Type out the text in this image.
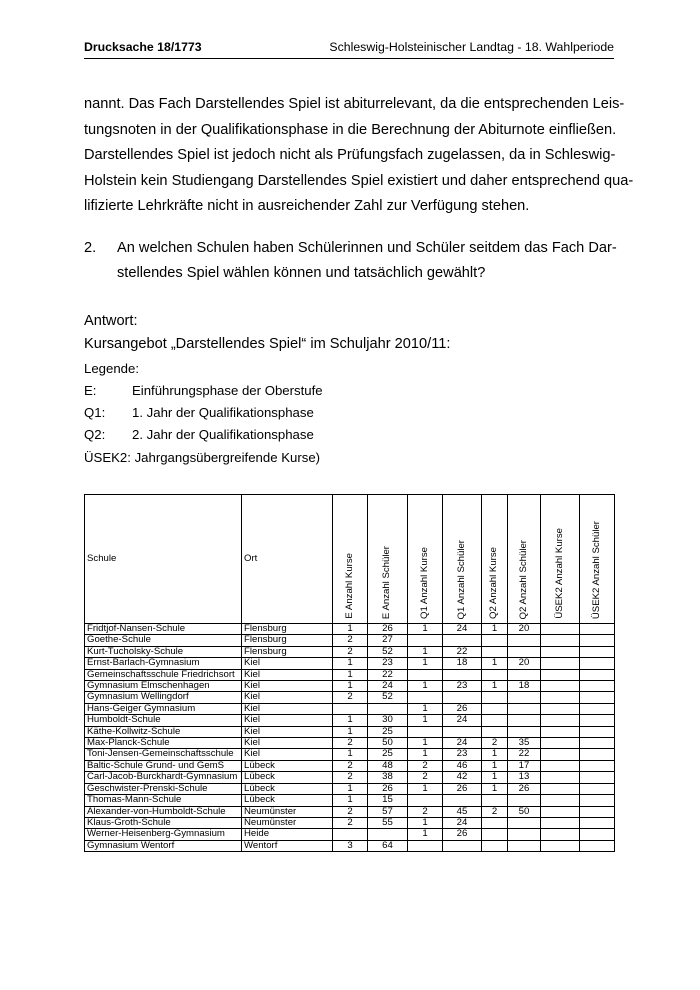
Drucksache 18/1773	Schleswig-Holsteinischer Landtag - 18. Wahlperiode
nannt. Das Fach Darstellendes Spiel ist abiturrelevant, da die entsprechenden Leis-
tungsnoten in der Qualifikationsphase in die Berechnung der Abiturnote einfließen.
Darstellendes Spiel ist jedoch nicht als Prüfungsfach zugelassen, da in Schleswig-
Holstein kein Studiengang Darstellendes Spiel existiert und daher entsprechend qua-
lifizierte Lehrkräfte nicht in ausreichender Zahl zur Verfügung stehen.
2. An welchen Schulen haben Schülerinnen und Schüler seitdem das Fach Dar-
stellendes Spiel wählen können und tatsächlich gewählt?
Antwort:
Kursangebot „Darstellendes Spiel“ im Schuljahr 2010/11:
Legende:
E:	Einführungsphase der Oberstufe
Q1: 1. Jahr der Qualifikationsphase
Q2: 2. Jahr der Qualifikationsphase
ÜSEK2: Jahrgangsübergreifende Kurse)
Schule	Ort	E Anzahl Kurse	E Anzahl Schüler	Q1 Anzahl Kurse	Q1 Anzahl Schüler	Q2 Anzahl Kurse	Q2 Anzahl Schüler	ÜSEK2 Anzahl Kurse	ÜSEK2 Anzahl Schüler

Fridtjof-Nansen-Schule	Flensburg	1	26	1	24	1	20		
Goethe-Schule	Flensburg	2	27						
Kurt-Tucholsky-Schule	Flensburg	2	52	1	22				
Ernst-Barlach-Gymnasium	Kiel	1	23	1	18	1	20		
Gemeinschaftsschule Friedrichsort	Kiel	1	22						
Gymnasium Elmschenhagen	Kiel	1	24	1	23	1	18		
Gymnasium Wellingdorf	Kiel	2	52						
Hans-Geiger Gymnasium	Kiel			1	26				
Humboldt-Schule	Kiel	1	30	1	24				
Käthe-Kollwitz-Schule	Kiel	1	25						
Max-Planck-Schule	Kiel	2	50	1	24	2	35		
Toni-Jensen-Gemeinschaftsschule	Kiel	1	25	1	23	1	22		
Baltic-Schule Grund- und GemS	Lübeck	2	48	2	46	1	17		
Carl-Jacob-Burckhardt-Gymnasium	Lübeck	2	38	2	42	1	13		
Geschwister-Prenski-Schule	Lübeck	1	26	1	26	1	26		
Thomas-Mann-Schule	Lübeck	1	15						
Alexander-von-Humboldt-Schule	Neumünster	2	57	2	45	2	50		
Klaus-Groth-Schule	Neumünster	2	55	1	24				
Werner-Heisenberg-Gymnasium	Heide			1	26				
Gymnasium Wentorf	Wentorf	3	64						
